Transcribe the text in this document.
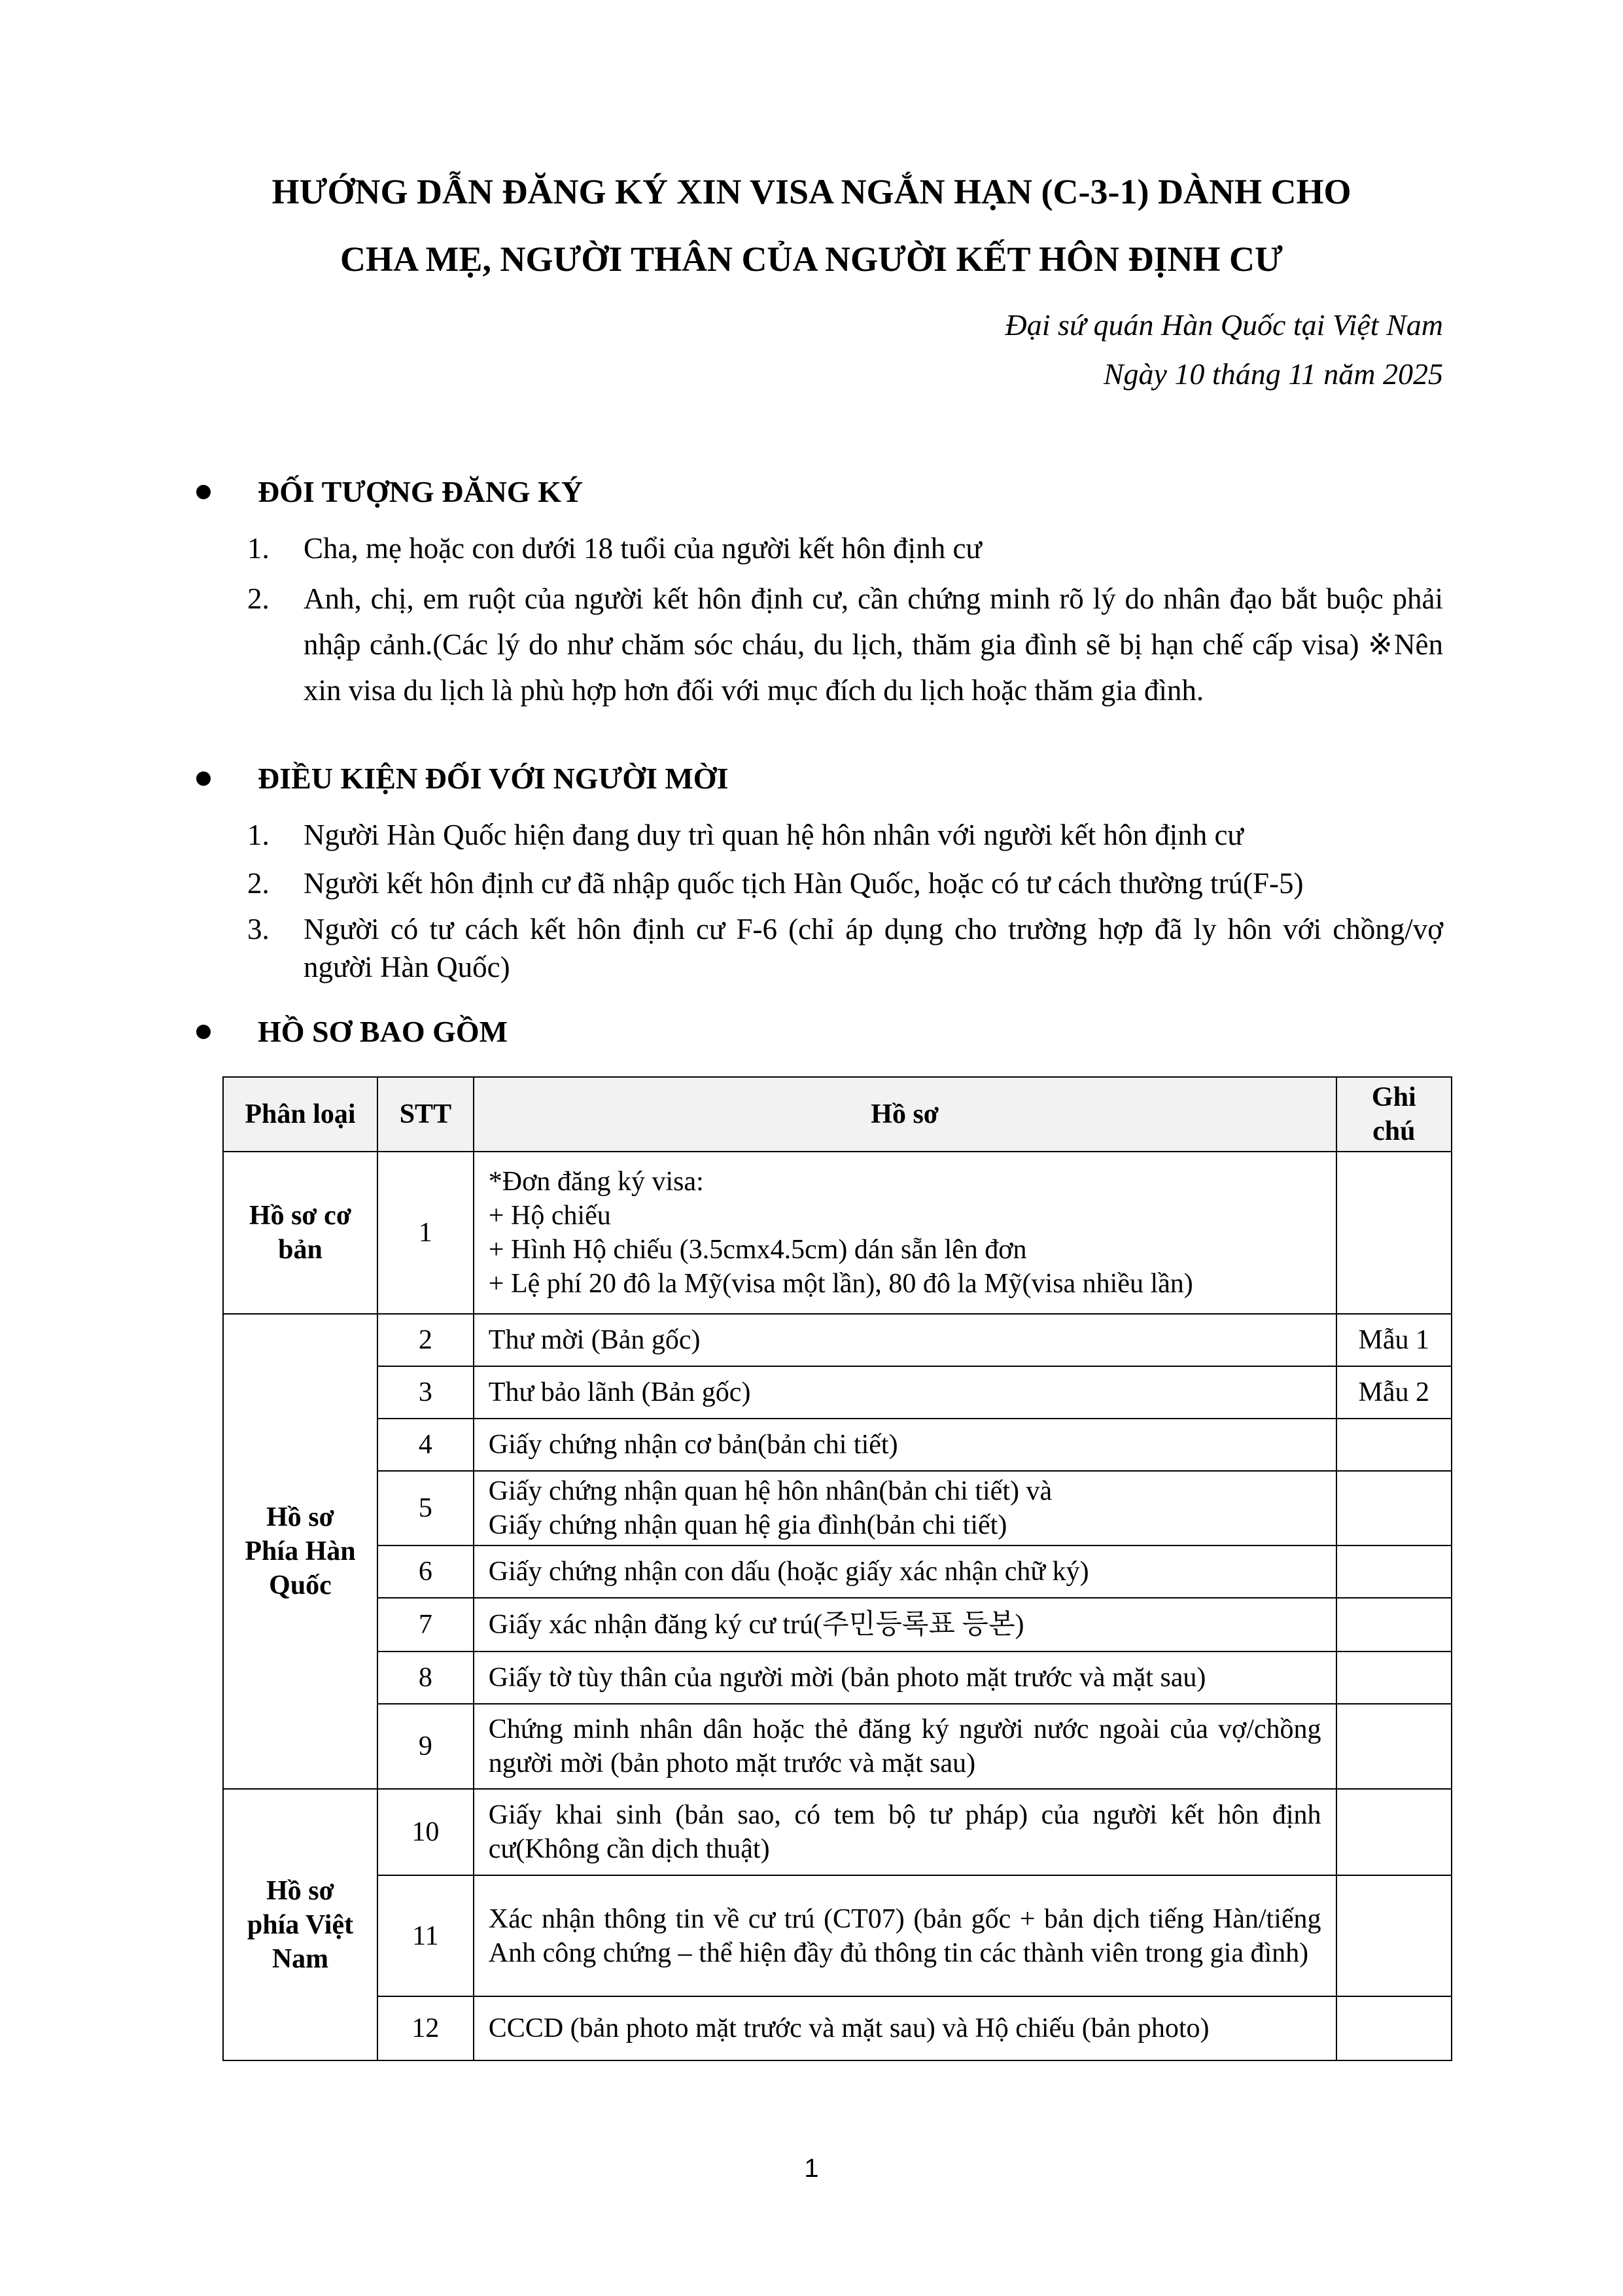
HƯỚNG DẪN ĐĂNG KÝ XIN VISA NGẮN HẠN (C-3-1) DÀNH CHO
CHA MẸ, NGƯỜI THÂN CỦA NGƯỜI KẾT HÔN ĐỊNH CƯ
Đại sứ quán Hàn Quốc tại Việt Nam
Ngày 10 tháng 11 năm 2025
ĐỐI TƯỢNG ĐĂNG KÝ
1.	Cha, mẹ hoặc con dưới 18 tuổi của người kết hôn định cư
2.	Anh, chị, em ruột của người kết hôn định cư, cần chứng minh rõ lý do nhân đạo bắt buộc phải nhập cảnh.(Các lý do như chăm sóc cháu, du lịch, thăm gia đình sẽ bị hạn chế cấp visa) ※Nên xin visa du lịch là phù hợp hơn đối với mục đích du lịch hoặc thăm gia đình.
ĐIỀU KIỆN ĐỐI VỚI NGƯỜI MỜI
1.	Người Hàn Quốc hiện đang duy trì quan hệ hôn nhân với người kết hôn định cư
2.	Người kết hôn định cư đã nhập quốc tịch Hàn Quốc, hoặc có tư cách thường trú(F-5)
3.	Người có tư cách kết hôn định cư F-6 (chỉ áp dụng cho trường hợp đã ly hôn với chồng/vợ người Hàn Quốc)
HỒ SƠ BAO GỒM
Phân loại	STT	Hồ sơ	Ghi chú

Hồ sơ cơ bản	1	*Đơn đăng ký visa:
+ Hộ chiếu
+ Hình Hộ chiếu (3.5cmx4.5cm) dán sẵn lên đơn
+ Lệ phí 20 đô la Mỹ(visa một lần), 80 đô la Mỹ(visa nhiều lần)	

Hồ sơ Phía Hàn Quốc	2	Thư mời (Bản gốc)	Mẫu 1
	3	Thư bảo lãnh (Bản gốc)	Mẫu 2
	4	Giấy chứng nhận cơ bản(bản chi tiết)	
	5	Giấy chứng nhận quan hệ hôn nhân(bản chi tiết) và
Giấy chứng nhận quan hệ gia đình(bản chi tiết)	

	6	Giấy chứng nhận con dấu (hoặc giấy xác nhận chữ ký)	
	7	Giấy xác nhận đăng ký cư trú(주민등록표 등본)	
	8	Giấy tờ tùy thân của người mời (bản photo mặt trước và mặt sau)	
	9	Chứng minh nhân dân hoặc thẻ đăng ký người nước ngoài của vợ/chồng người mời (bản photo mặt trước và mặt sau)	

Hồ sơ phía Việt Nam	10	Giấy khai sinh (bản sao, có tem bộ tư pháp) của người kết hôn định cư(Không cần dịch thuật)	
	11	Xác nhận thông tin về cư trú (CT07) (bản gốc + bản dịch tiếng Hàn/tiếng Anh công chứng – thể hiện đầy đủ thông tin các thành viên trong gia đình)	
	12	CCCD (bản photo mặt trước và mặt sau) và Hộ chiếu (bản photo)	
1
